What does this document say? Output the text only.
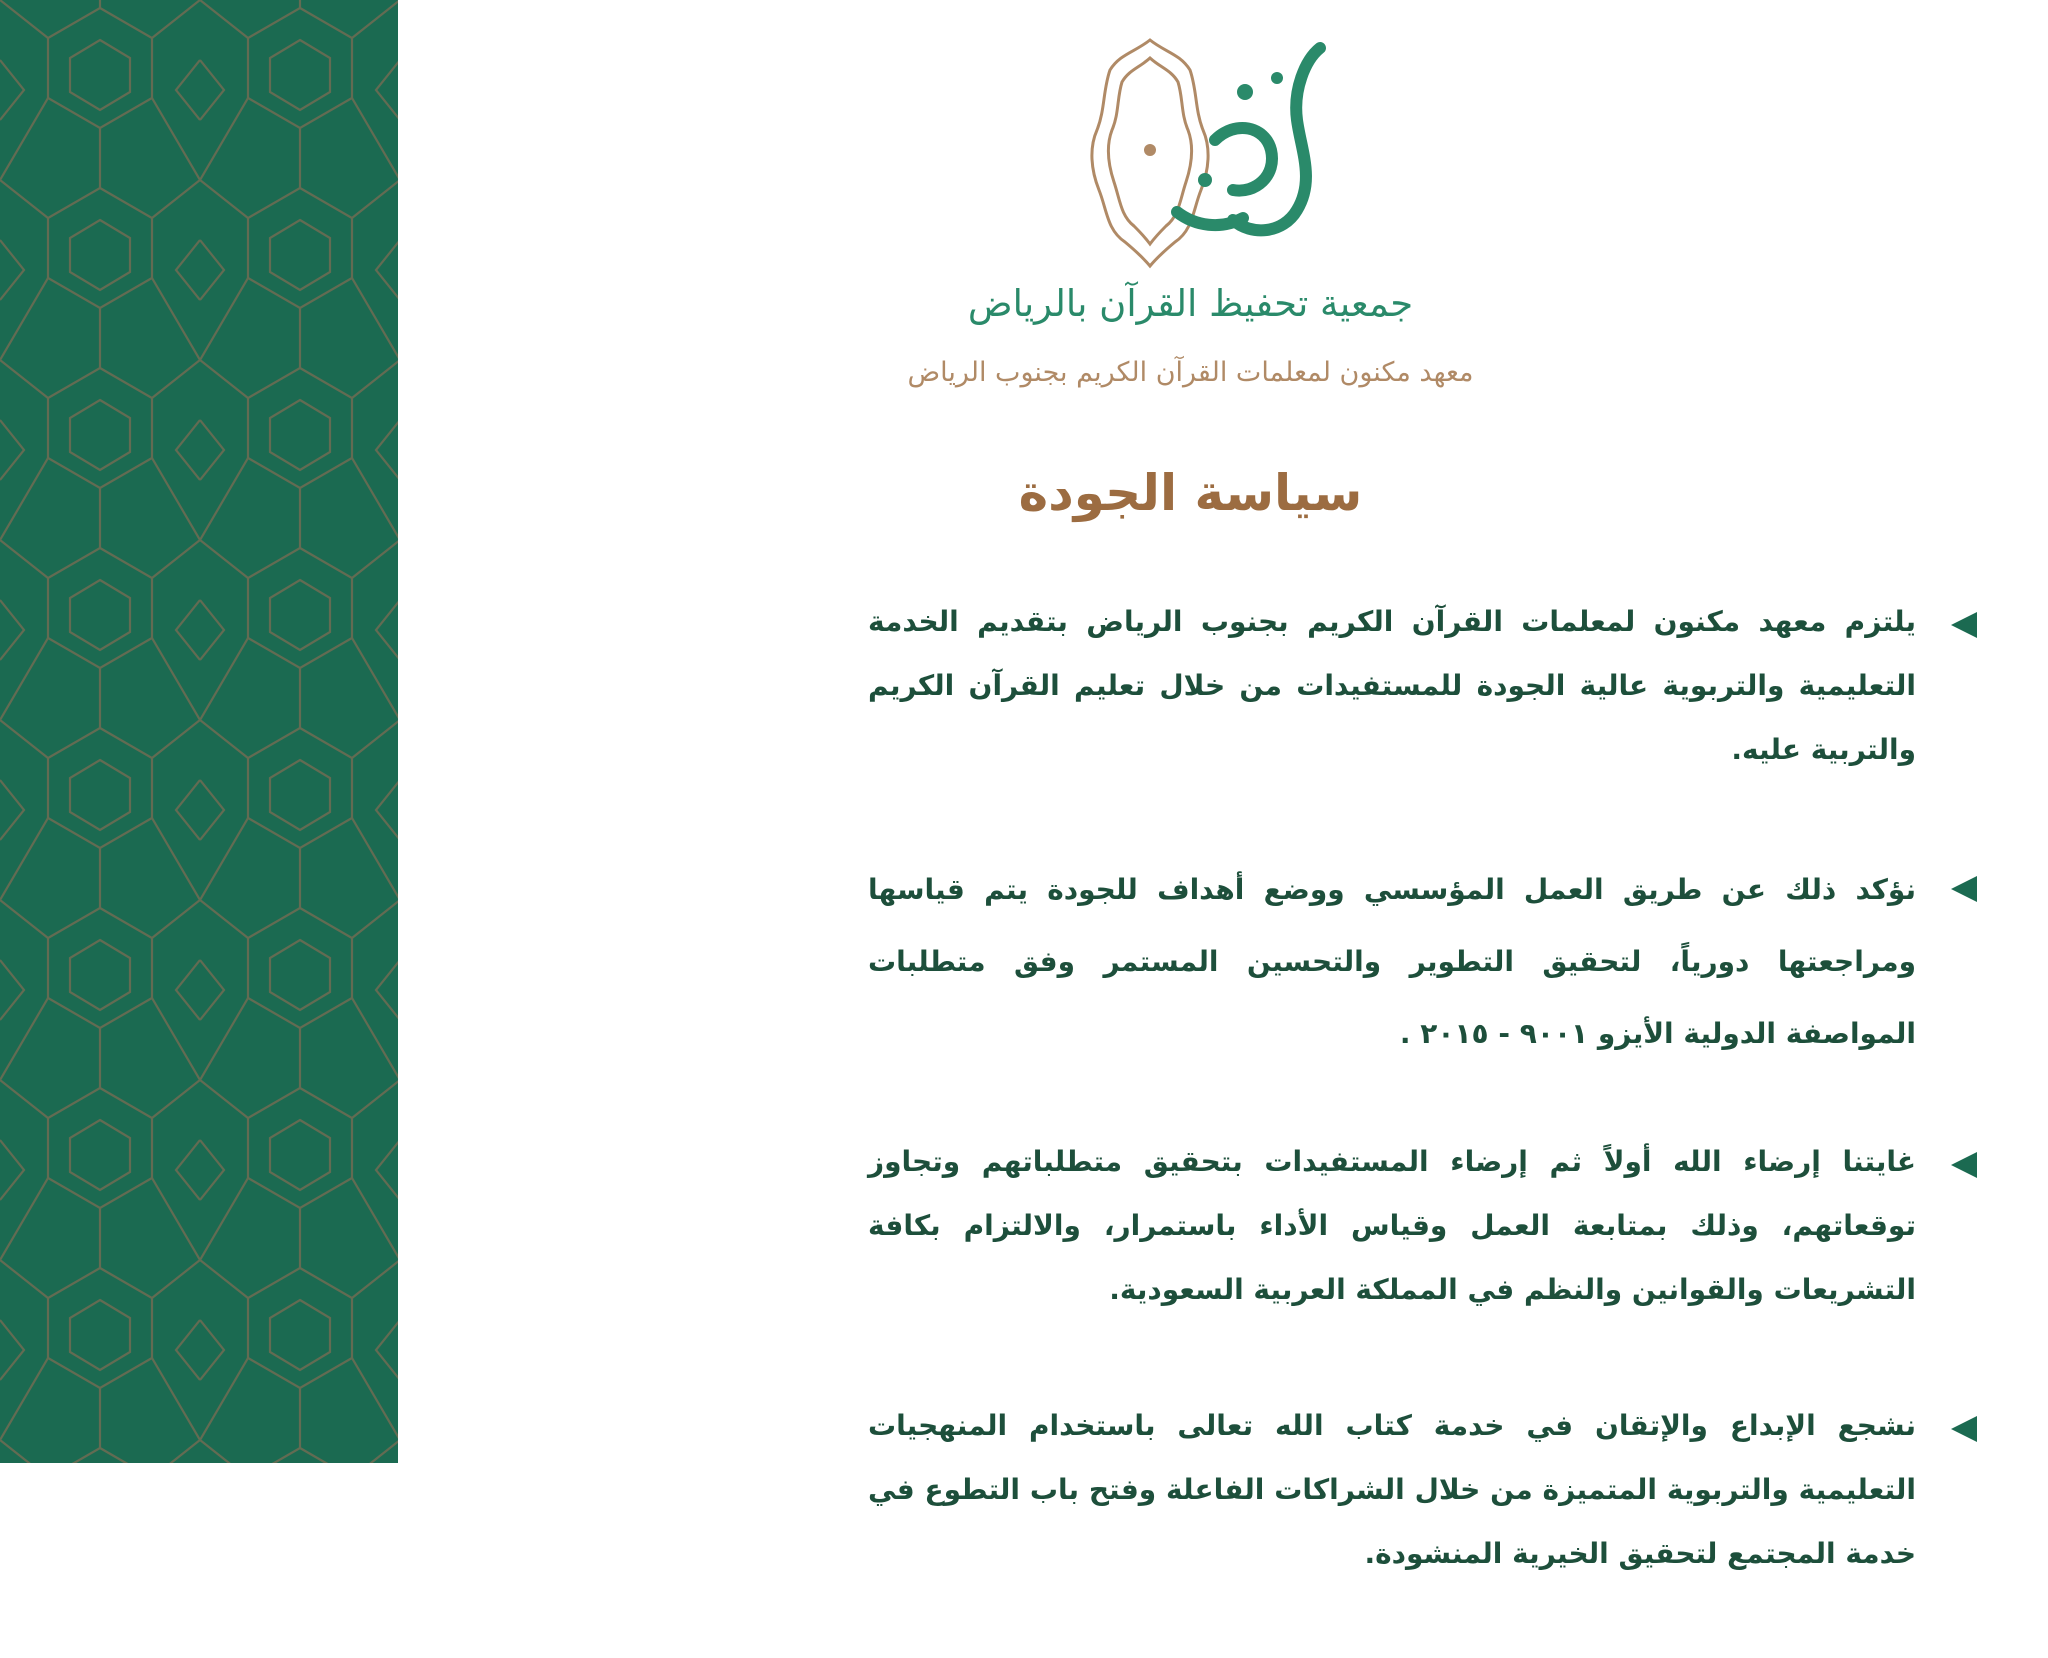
جمعية تحفيظ القرآن بالرياض
معهد مكنون لمعلمات القرآن الكريم بجنوب الرياض
سياسة الجودة
يلتزم معهد مكنون لمعلمات القرآن الكريم بجنوب الرياض بتقديم الخدمة التعليمية والتربوية عالية الجودة للمستفيدات من خلال تعليم القرآن الكريم والتربية عليه.
نؤكد ذلك عن طريق العمل المؤسسي ووضع أهداف للجودة يتم قياسها ومراجعتها دورياً، لتحقيق التطوير والتحسين المستمر وفق متطلبات المواصفة الدولية الأيزو ٩٠٠١ - ٢٠١٥ .
غايتنا إرضاء الله أولاً ثم إرضاء المستفيدات بتحقيق متطلباتهم وتجاوز توقعاتهم، وذلك بمتابعة العمل وقياس الأداء باستمرار، والالتزام بكافة التشريعات والقوانين والنظم في المملكة العربية السعودية.
نشجع الإبداع والإتقان في خدمة كتاب الله تعالى باستخدام المنهجيات التعليمية والتربوية المتميزة من خلال الشراكات الفاعلة وفتح باب التطوع في خدمة المجتمع لتحقيق الخيرية المنشودة.
